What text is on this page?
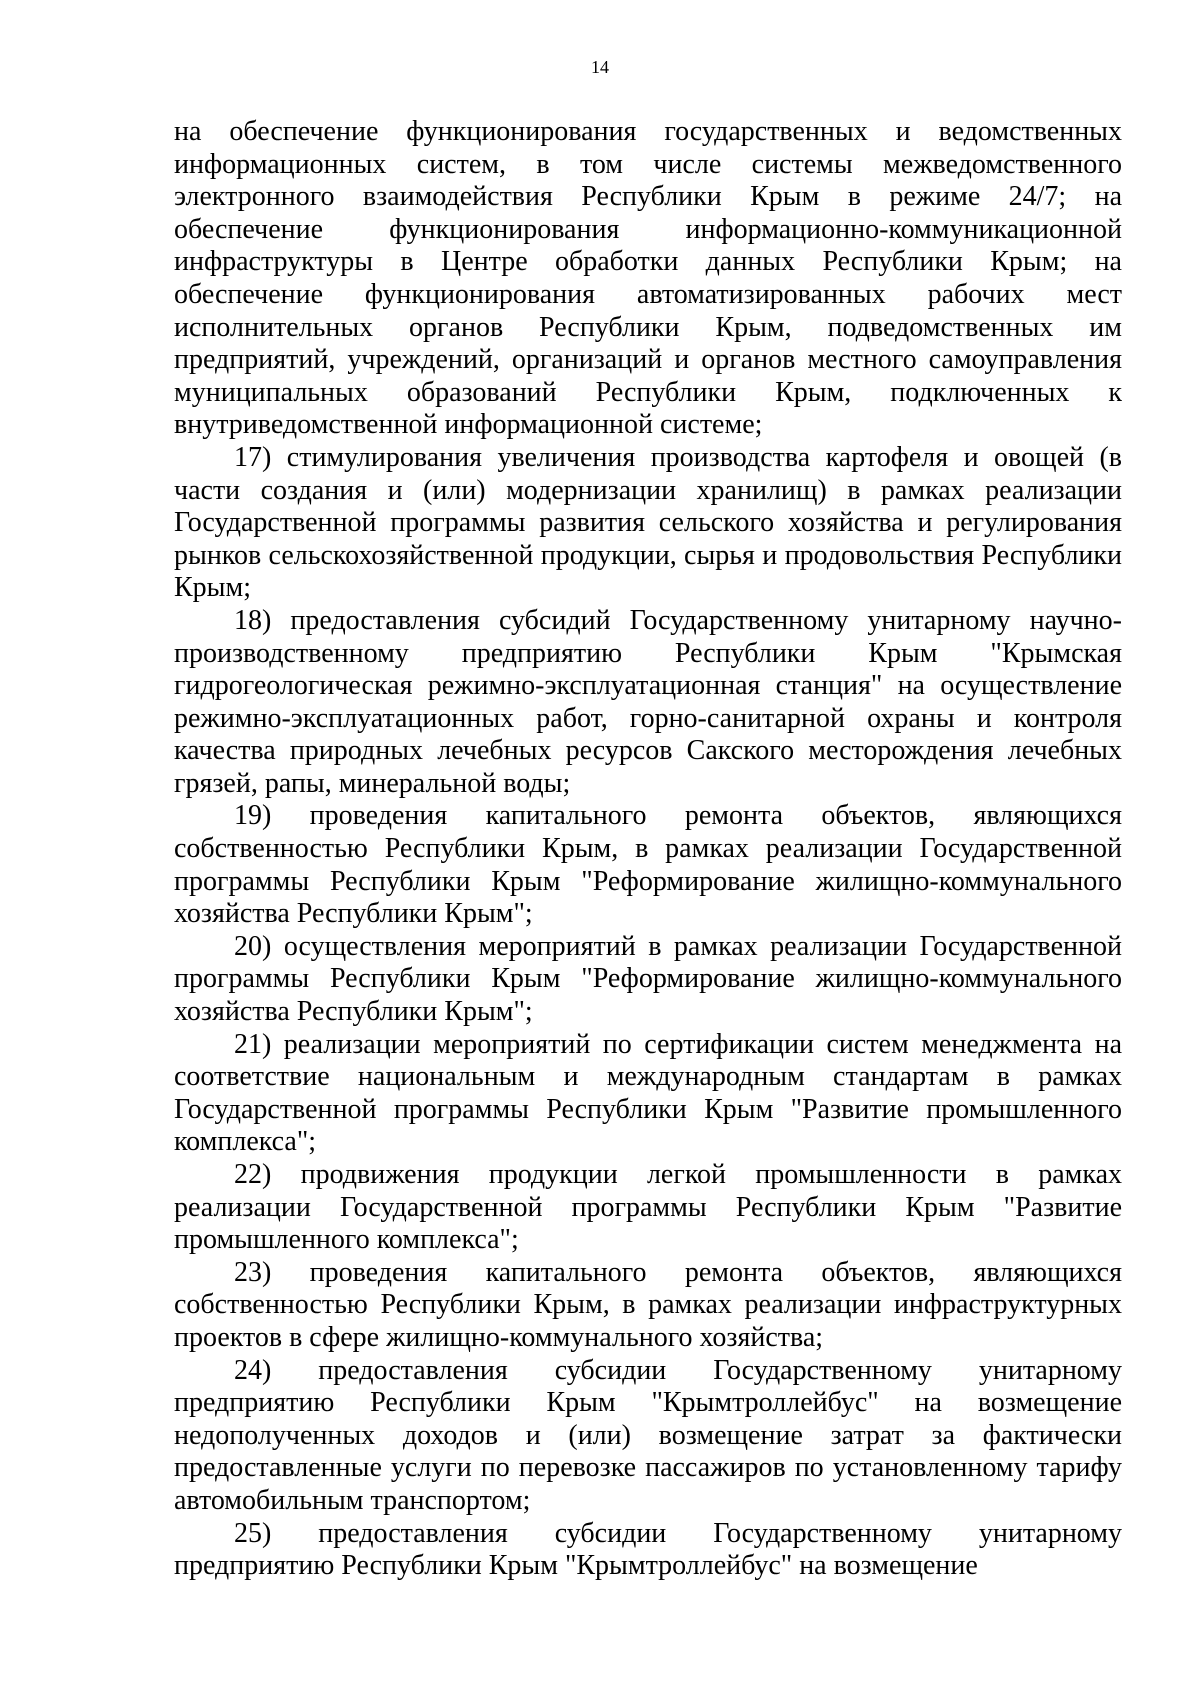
14

на обеспечение функционирования государственных и ведомственных информационных систем, в том числе системы межведомственного электронного взаимодействия Республики Крым в режиме 24/7; на обеспечение функционирования информационно-коммуникационной инфраструктуры в Центре обработки данных Республики Крым; на обеспечение функционирования автоматизированных рабочих мест исполнительных органов Республики Крым, подведомственных им предприятий, учреждений, организаций и органов местного самоуправления муниципальных образований Республики Крым, подключенных к внутриведомственной информационной системе;

17) стимулирования увеличения производства картофеля и овощей (в части создания и (или) модернизации хранилищ) в рамках реализации Государственной программы развития сельского хозяйства и регулирования рынков сельскохозяйственной продукции, сырья и продовольствия Республики Крым;

18) предоставления субсидий Государственному унитарному научно-производственному предприятию Республики Крым "Крымская гидрогеологическая режимно-эксплуатационная станция" на осуществление режимно-эксплуатационных работ, горно-санитарной охраны и контроля качества природных лечебных ресурсов Сакского месторождения лечебных грязей, рапы, минеральной воды;

19) проведения капитального ремонта объектов, являющихся собственностью Республики Крым, в рамках реализации Государственной программы Республики Крым "Реформирование жилищно-коммунального хозяйства Республики Крым";

20) осуществления мероприятий в рамках реализации Государственной программы Республики Крым "Реформирование жилищно-коммунального хозяйства Республики Крым";

21) реализации мероприятий по сертификации систем менеджмента на соответствие национальным и международным стандартам в рамках Государственной программы Республики Крым "Развитие промышленного комплекса";

22) продвижения продукции легкой промышленности в рамках реализации Государственной программы Республики Крым "Развитие промышленного комплекса";

23) проведения капитального ремонта объектов, являющихся собственностью Республики Крым, в рамках реализации инфраструктурных проектов в сфере жилищно-коммунального хозяйства;

24) предоставления субсидии Государственному унитарному предприятию Республики Крым "Крымтроллейбус" на возмещение недополученных доходов и (или) возмещение затрат за фактически предоставленные услуги по перевозке пассажиров по установленному тарифу автомобильным транспортом;

25) предоставления субсидии Государственному унитарному предприятию Республики Крым "Крымтроллейбус" на возмещение
